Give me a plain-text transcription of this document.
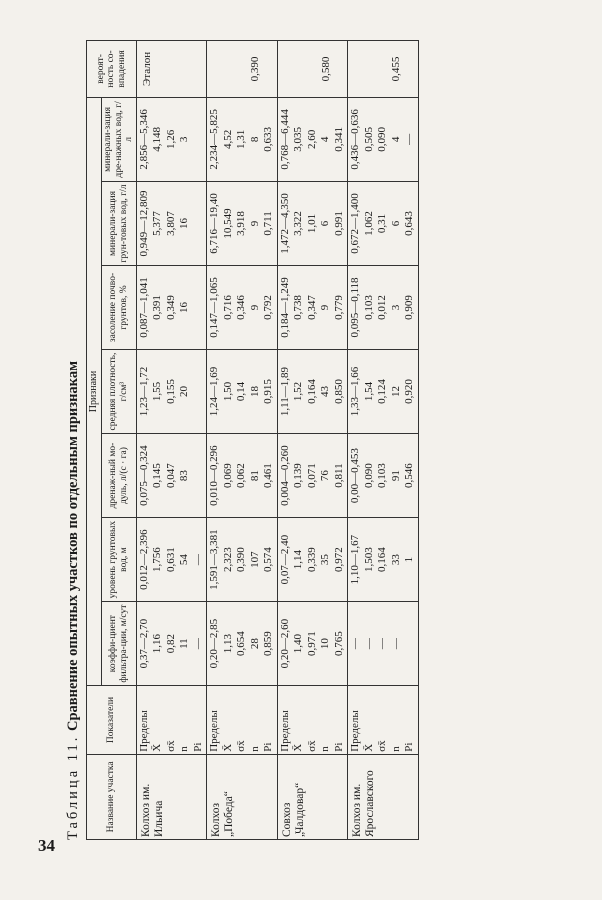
34
Таблица 11. Сравнение опытных участков по отдельным признакам
Название участка	Показатели	Признаки							вероят-ность со-впадения
		коэффи-циент фильтра-ции, м/сут	уровень грунтовых вод, м	дренаж-ный мо-дуль, л/(с · га)	средняя плотность, г/см³	засоление почво-грунтов, %	минерали-зация грун-товых вод, г/л	минерали-зация дре-нажных вод, г/л	
Колхоз им. Ильича	Пределы X̄ σx̄ n Pi	0,37—2,70 1,16 0,82 11 —	0,012—2,396 1,756 0,631 54 —	0,075—0,324 0,145 0,047 83	1,23—1,72 1,55 0,155 20	0,087—1,041 0,391 0,349 16	0,949—12,809 5,377 3,807 16	2,856—5,346 4,148 1,26 3	Эталон
Колхоз „Победа“	Пределы X̄ σx̄ n Pi	0,20—2,85 1,13 0,654 28 0,859	1,591—3,381 2,323 0,390 107 0,574	0,010—0,296 0,069 0,062 81 0,461	1,24—1,69 1,50 0,14 18 0,915	0,147—1,065 0,716 0,346 9 0,792	6,716—19,40 10,549 3,918 9 0,711	2,234—5,825 4,52 1,31 8 0,633	0,390
Совхоз „Чалдовар“	Пределы X̄ σx̄ n Pi	0,20—2,60 1,40 0,971 10 0,765	0,07—2,40 1,14 0,339 35 0,972	0,004—0,260 0,139 0,071 76 0,811	1,11—1,89 1,52 0,164 43 0,850	0,184—1,249 0,738 0,347 9 0,779	1,472—4,350 3,322 1,01 6 0,991	0,768—6,444 3,035 2,60 4 0,341	0,580
Колхоз им. Ярославского	Пределы X̄ σx̄ n Pi	— — — —	1,10—1,67 1,503 0,164 33 1	0,00—0,453 0,090 0,103 91 0,546	1,33—1,66 1,54 0,124 12 0,920	0,095—0,118 0,103 0,012 3 0,909	0,672—1,400 1,062 0,31 6 0,643	0,436—0,636 0,505 0,090 4 —	0,455
